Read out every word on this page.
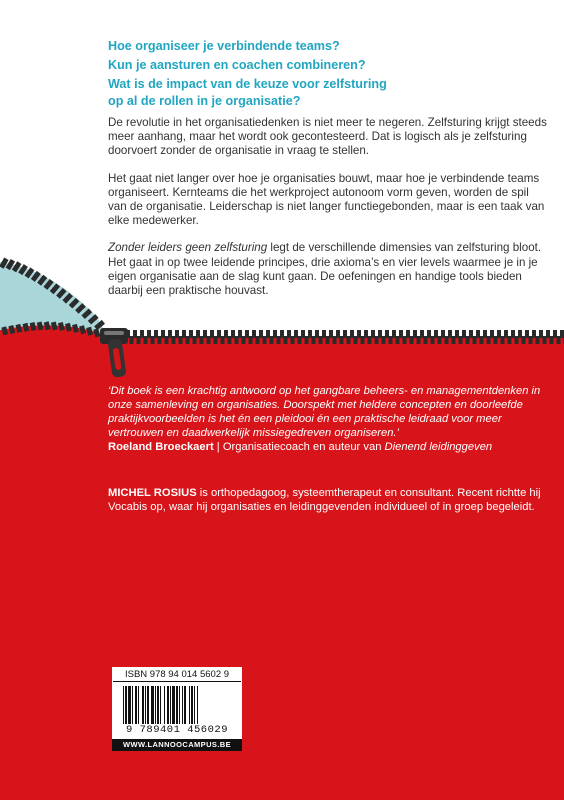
Hoe organiseer je verbindende teams?

Kun je aansturen en coachen combineren?

Wat is de impact van de keuze voor zelfsturing
op al de rollen in je organisatie?

De revolutie in het organisatiedenken is niet meer te negeren. Zelfsturing krijgt steeds meer aanhang, maar het wordt ook gecontesteerd. Dat is logisch als je zelfsturing doorvoert zonder de organisatie in vraag te stellen.

Het gaat niet langer over hoe je organisaties bouwt, maar hoe je verbindende teams organiseert. Kernteams die het werkproject autonoom vorm geven, worden de spil van de organisatie. Leiderschap is niet langer functiegebonden, maar is een taak van elke medewerker.

Zonder leiders geen zelfsturing legt de verschillende dimensies van zelfsturing bloot. Het gaat in op twee leidende principes, drie axioma’s en vier levels waarmee je in je eigen organisatie aan de slag kunt gaan. De oefeningen en handige tools bieden daarbij een praktische houvast.

‘Dit boek is een krachtig antwoord op het gangbare beheers- en managementdenken in onze samenleving en organisaties. Doorspekt met heldere concepten en doorleefde praktijkvoorbeelden is het én een pleidooi én een praktische leidraad voor meer vertrouwen en daadwerkelijk missiegedreven organiseren.’

Roeland Broeckaert | Organisatiecoach en auteur van Dienend leidinggeven

MICHEL ROSIUS is orthopedagoog, systeemtherapeut en consultant. Recent richtte hij Vocabis op, waar hij organisaties en leidinggevenden individueel of in groep begeleidt.

ISBN 978 94 014 5602 9
9 789401 456029
WWW.LANNOOCAMPUS.BE
